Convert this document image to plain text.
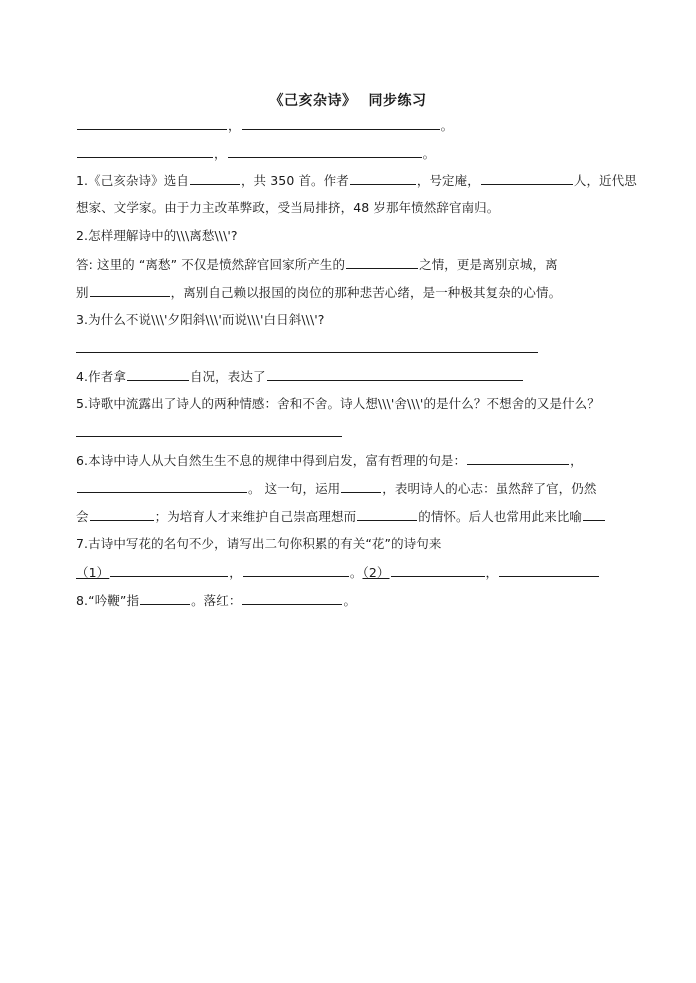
《己亥杂诗》 同步练习
，	。
，	。
1.《己亥杂诗》选自	，共 350 首。作者	，号定庵，	人，近代思
想家、文学家。由于力主改革弊政，受当局排挤，48 岁那年愤然辞官南归。
2.怎样理解诗中的\\\离愁\\\'?
答: 这里的 “离愁” 不仅是愤然辞官回家所产生的	之情，更是离别京城，离
别	，离别自己赖以报国的岗位的那种悲苦心绪，是一种极其复杂的心情。
3.为什么不说\\\'夕阳斜\\\'而说\\\'白日斜\\\'?
4.作者拿	自况，表达了
5.诗歌中流露出了诗人的两种情感：舍和不舍。诗人想\\\'舍\\\'的是什么？不想舍的又是什么？
6.本诗中诗人从大自然生生不息的规律中得到启发，富有哲理的句是：	，
。 这一句，运用	，表明诗人的心志：虽然辞了官，仍然
会	；为培育人才来维护自己崇高理想而	的情怀。后人也常用此来比喻
7.古诗中写花的名句不少，请写出二句你积累的有关“花”的诗句来
（1）	，	。（2）	，
8.“吟鞭”指	。落红：	。
